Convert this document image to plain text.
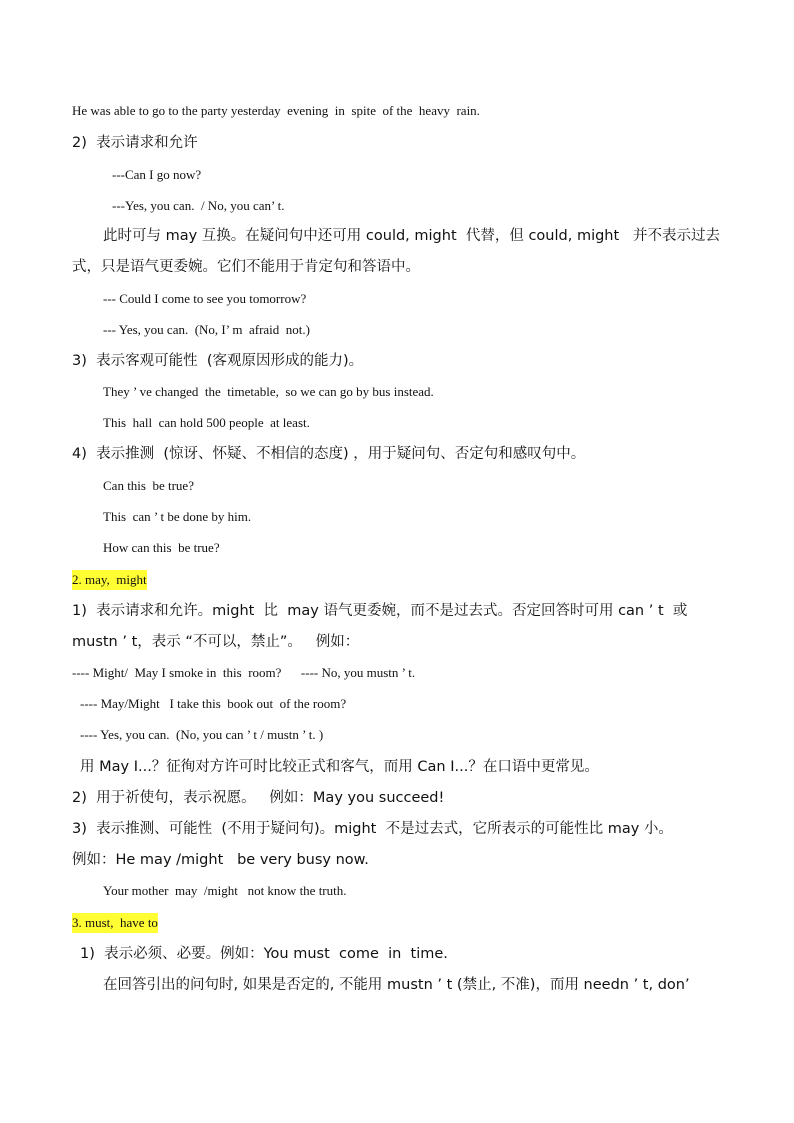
He was able to go to the party yesterday  evening  in  spite  of the  heavy  rain.
2)  表示请求和允许
---Can I go now?
---Yes, you can.  / No, you can’ t.
此时可与 may 互换。在疑问句中还可用 could, might  代替，但 could, might   并不表示过去
式，只是语气更委婉。它们不能用于肯定句和答语中。
--- Could I come to see you tomorrow?
--- Yes, you can.  (No, I’ m  afraid  not.)
3)  表示客观可能性  (客观原因形成的能力)。
They ’ ve changed  the  timetable,  so we can go by bus instead.
This  hall  can hold 500 people  at least.
4)  表示推测  (惊讶、怀疑、不相信的态度) ，用于疑问句、否定句和感叹句中。
Can this  be true?
This  can ’ t be done by him.
How can this  be true?
2. may,  might
1)  表示请求和允许。might  比  may 语气更委婉，而不是过去式。否定回答时可用 can ’ t  或
mustn ’ t，表示 “不可以，禁止”。   例如：
---- Might/  May I smoke in  this  room?      ---- No, you mustn ’ t.
---- May/Might   I take this  book out  of the room?
---- Yes, you can.  (No, you can ’ t / mustn ’ t. )
用 May I...？征徇对方许可时比较正式和客气，而用 Can I...？在口语中更常见。
2)  用于祈使句，表示祝愿。   例如：May you succeed!
3)  表示推测、可能性  (不用于疑问句)。might  不是过去式，它所表示的可能性比 may 小。
例如：He may /might   be very busy now.
Your mother  may  /might   not know the truth.
3. must,  have to
1)  表示必须、必要。例如：You must  come  in  time.
在回答引出的问句时, 如果是否定的, 不能用 mustn ’ t (禁止, 不准)，而用 needn ’ t, don’
